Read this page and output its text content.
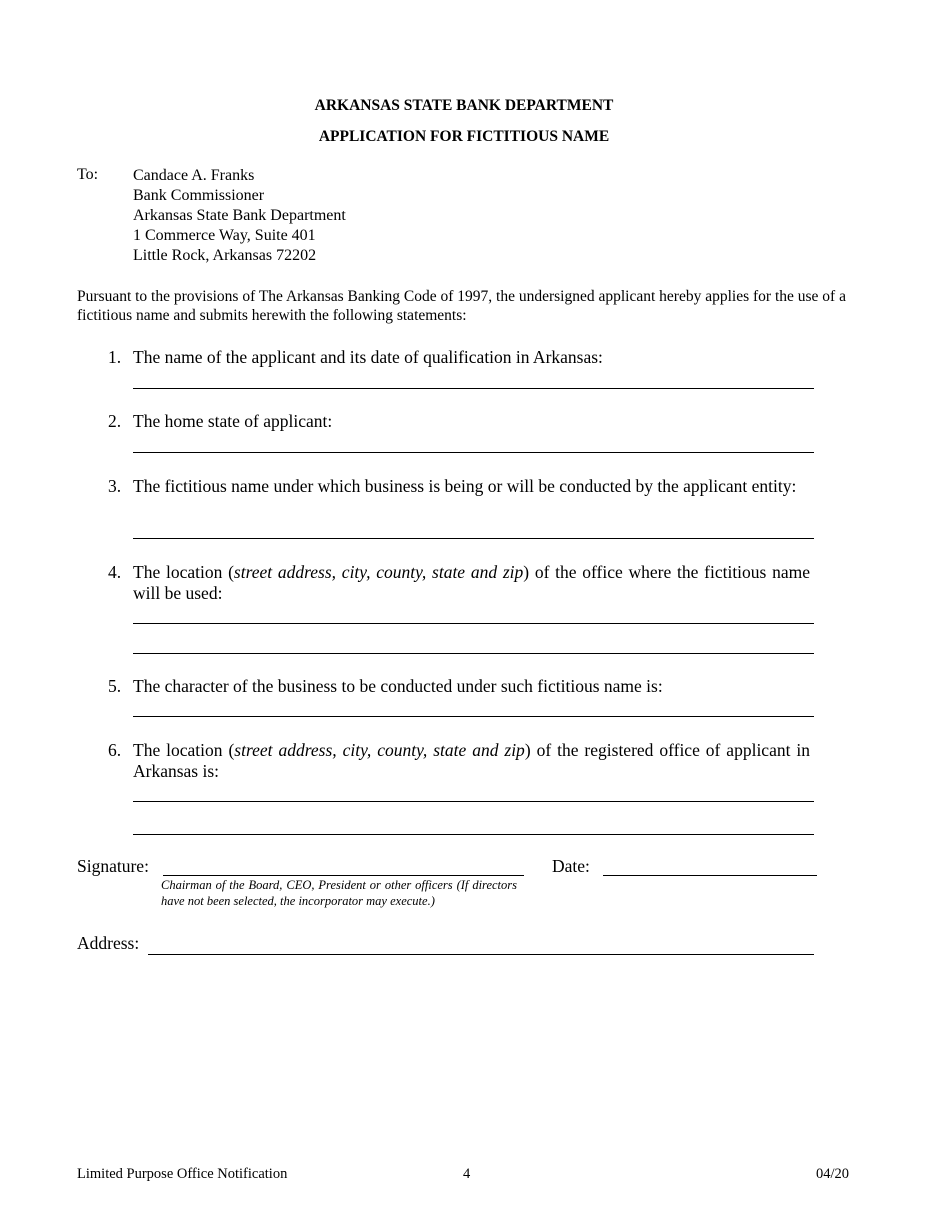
ARKANSAS STATE BANK DEPARTMENT
APPLICATION FOR FICTITIOUS NAME
To: Candace A. Franks
Bank Commissioner
Arkansas State Bank Department
1 Commerce Way, Suite 401
Little Rock, Arkansas 72202
Pursuant to the provisions of The Arkansas Banking Code of 1997, the undersigned applicant hereby applies for the use of a fictitious name and submits herewith the following statements:
1. The name of the applicant and its date of qualification in Arkansas:
2. The home state of applicant:
3. The fictitious name under which business is being or will be conducted by the applicant entity:
4. The location (street address, city, county, state and zip) of the office where the fictitious name will be used:
5. The character of the business to be conducted under such fictitious name is:
6. The location (street address, city, county, state and zip) of the registered office of applicant in Arkansas is:
Signature:
Chairman of the Board, CEO, President or other officers (If directors have not been selected, the incorporator may execute.)
Date:
Address:
Limited Purpose Office Notification	4	04/20
